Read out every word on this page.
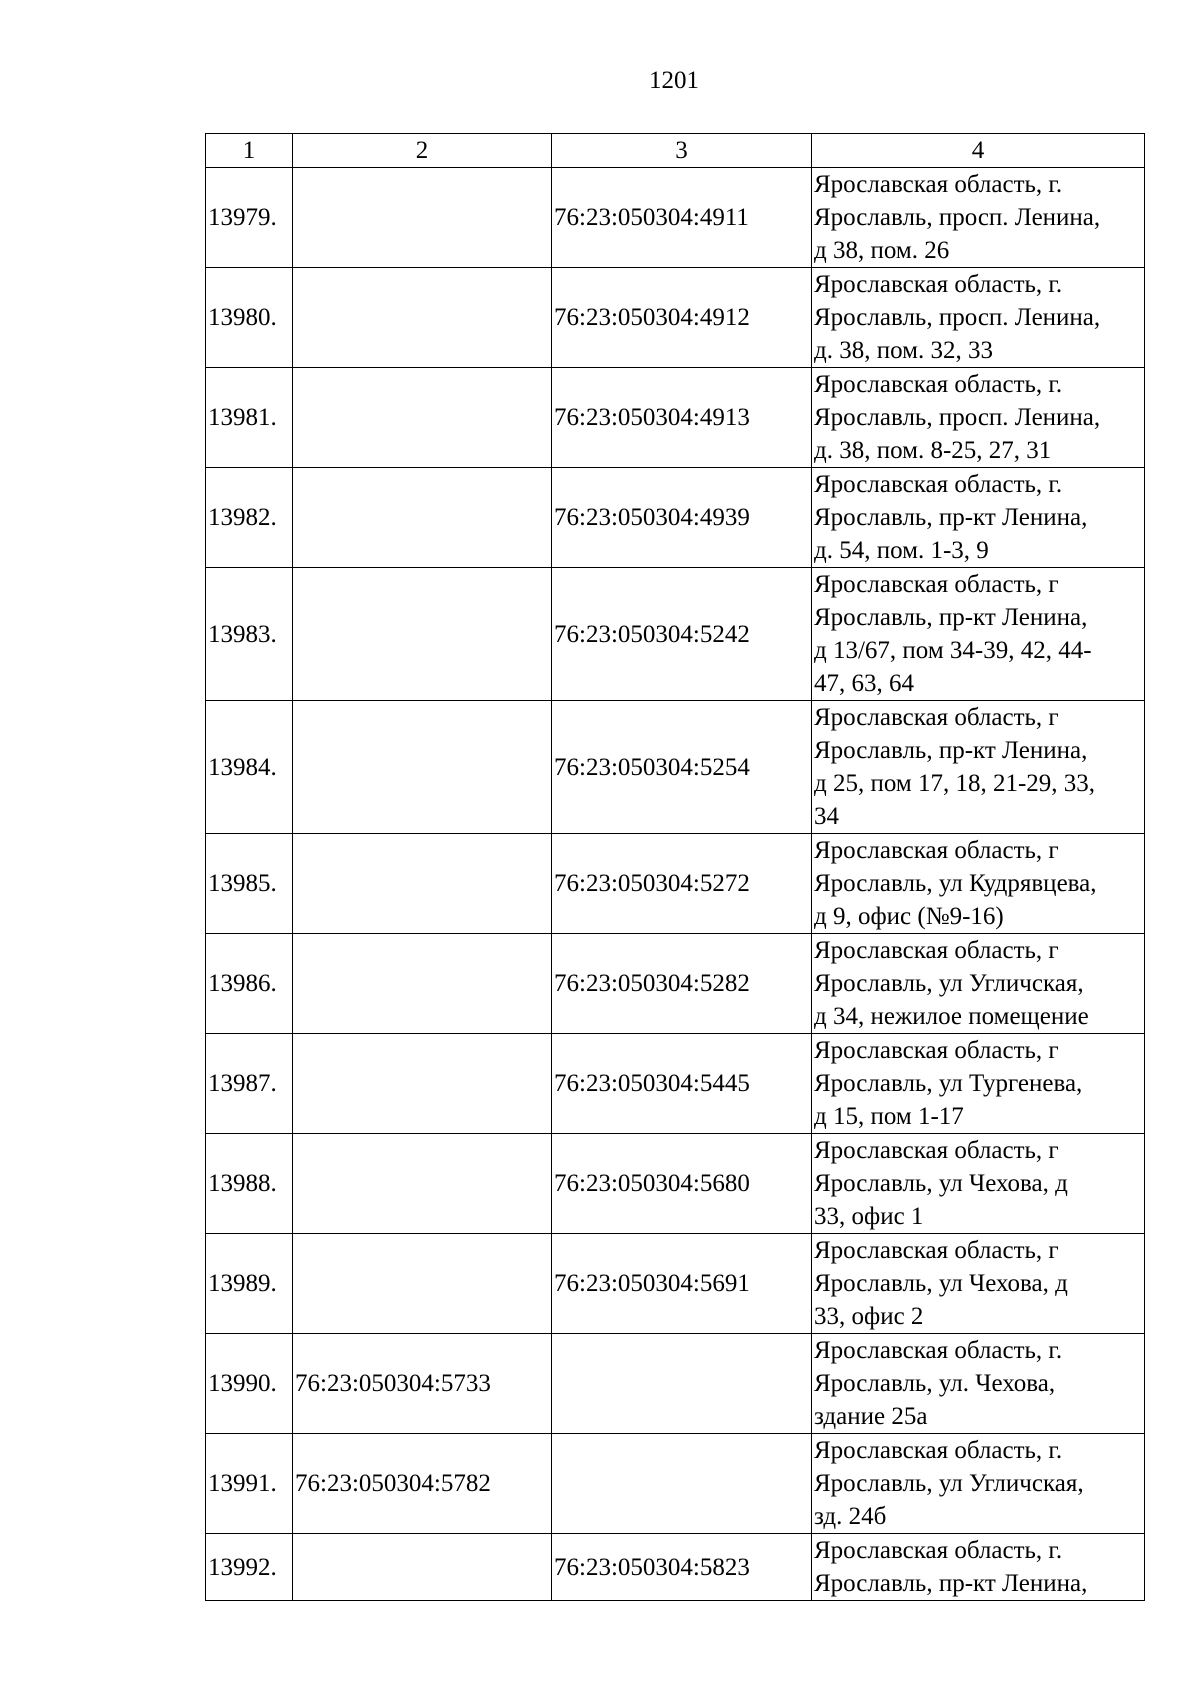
1201
1	2	3	4
13979.		76:23:050304:4911	Ярославская область, г.
Ярославль, просп. Ленина,
д 38, пом. 26

13980.		76:23:050304:4912	Ярославская область, г.
Ярославль, просп. Ленина,
д. 38, пом. 32, 33

13981.		76:23:050304:4913	Ярославская область, г.
Ярославль, просп. Ленина,
д. 38, пом. 8-25, 27, 31

13982.		76:23:050304:4939	Ярославская область, г.
Ярославль, пр-кт Ленина,
д. 54, пом. 1-3, 9

13983.		76:23:050304:5242	Ярославская область, г
Ярославль, пр-кт Ленина,
д 13/67, пом 34-39, 42, 44-
47, 63, 64

13984.		76:23:050304:5254	Ярославская область, г
Ярославль, пр-кт Ленина,
д 25, пом 17, 18, 21-29, 33,
34

13985.		76:23:050304:5272	Ярославская область, г
Ярославль, ул Кудрявцева,
д 9, офис (№9-16)

13986.		76:23:050304:5282	Ярославская область, г
Ярославль, ул Угличская,
д 34, нежилое помещение

13987.		76:23:050304:5445	Ярославская область, г
Ярославль, ул Тургенева,
д 15, пом 1-17

13988.		76:23:050304:5680	Ярославская область, г
Ярославль, ул Чехова, д
33, офис 1

13989.		76:23:050304:5691	Ярославская область, г
Ярославль, ул Чехова, д
33, офис 2

13990.	76:23:050304:5733		Ярославская область, г.
Ярославль, ул. Чехова,
здание 25а

13991.	76:23:050304:5782		Ярославская область, г.
Ярославль, ул Угличская,
зд. 24б

13992.		76:23:050304:5823	Ярославская область, г.
Ярославль, пр-кт Ленина,
